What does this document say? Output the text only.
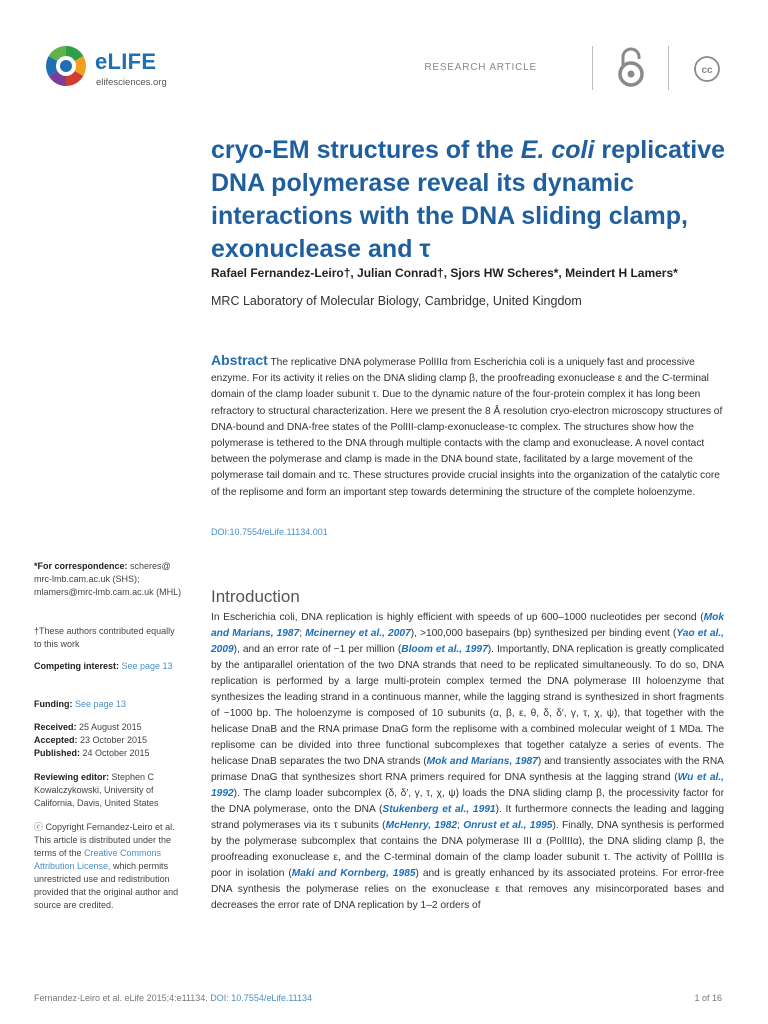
eLIFE
elifesciences.org
RESEARCH ARTICLE	cc
cryo-EM structures of the E. coli replicative DNA polymerase reveal its dynamic interactions with the DNA sliding clamp, exonuclease and τ
Rafael Fernandez-Leiro†, Julian Conrad†, Sjors HW Scheres*, Meindert H Lamers*
MRC Laboratory of Molecular Biology, Cambridge, United Kingdom

Abstract The replicative DNA polymerase PolIIIα from Escherichia coli is a uniquely fast and processive enzyme. For its activity it relies on the DNA sliding clamp β, the proofreading exonuclease ε and the C-terminal domain of the clamp loader subunit τ. Due to the dynamic nature of the four-protein complex it has long been refractory to structural characterization. Here we present the 8 Å resolution cryo-electron microscopy structures of DNA-bound and DNA-free states of the PolIII-clamp-exonuclease-τc complex. The structures show how the polymerase is tethered to the DNA through multiple contacts with the clamp and exonuclease. A novel contact between the polymerase and clamp is made in the DNA bound state, facilitated by a large movement of the polymerase tail domain and τc. These structures provide crucial insights into the organization of the catalytic core of the replisome and form an important step towards determining the structure of the complete holoenzyme.

DOI:10.7554/eLife.11134.001

*For correspondence: scheres@ mrc-lmb.cam.ac.uk (SHS); mlamers@mrc-lmb.cam.ac.uk (MHL)

†These authors contributed equally to this work

Competing interest: See page 13

Funding: See page 13

Received: 25 August 2015

Accepted: 23 October 2015

Published: 24 October 2015

Reviewing editor: Stephen C Kowalczykowski, University of California, Davis, United States

ⓒ Copyright Fernandez-Leiro et al. This article is distributed under the terms of the Creative Commons Attribution License, which permits unrestricted use and redistribution provided that the original author and source are credited.

Introduction

In Escherichia coli, DNA replication is highly efficient with speeds of up 600–1000 nucleotides per second (Mok and Marians, 1987; Mcinerney et al., 2007), >100,000 basepairs (bp) synthesized per binding event (Yao et al., 2009), and an error rate of ~1 per million (Bloom et al., 1997). Importantly, DNA replication is greatly complicated by the antiparallel orientation of the two DNA strands that need to be replicated simultaneously. To do so, DNA replication is performed by a large multi-protein complex termed the DNA polymerase III holoenzyme that synthesizes the leading strand in a continuous manner, while the lagging strand is synthesized in short fragments of ~1000 bp. The holoenzyme is composed of 10 subunits (α, β, ε, θ, δ, δ′, γ, τ, χ, ψ), that together with the helicase DnaB and the RNA primase DnaG form the replisome with a combined molecular weight of 1 MDa. The replisome can be divided into three functional subcomplexes that together catalyze a series of events. The helicase DnaB separates the two DNA strands (Mok and Marians, 1987) and transiently associates with the RNA primase DnaG that synthesizes short RNA primers required for DNA synthesis at the lagging strand (Wu et al., 1992). The clamp loader subcomplex (δ, δ′, γ, τ, χ, ψ) loads the DNA sliding clamp β, the processivity factor for the DNA polymerase, onto the DNA (Stukenberg et al., 1991). It furthermore connects the leading and lagging strand polymerases via its τ subunits (McHenry, 1982; Onrust et al., 1995). Finally, DNA synthesis is performed by the polymerase subcomplex that contains the DNA polymerase III α (PolIIIα), the DNA sliding clamp β, the proofreading exonuclease ε, and the C-terminal domain of the clamp loader subunit τ. The activity of PolIIIα is poor in isolation (Maki and Kornberg, 1985) and is greatly enhanced by its associated proteins. For error-free DNA synthesis the polymerase relies on the exonuclease ε that removes any misincorporated bases and decreases the error rate of DNA replication by 1–2 orders of

Fernandez-Leiro et al. eLife 2015;4:e11134. DOI: 10.7554/eLife.11134	1 of 16
